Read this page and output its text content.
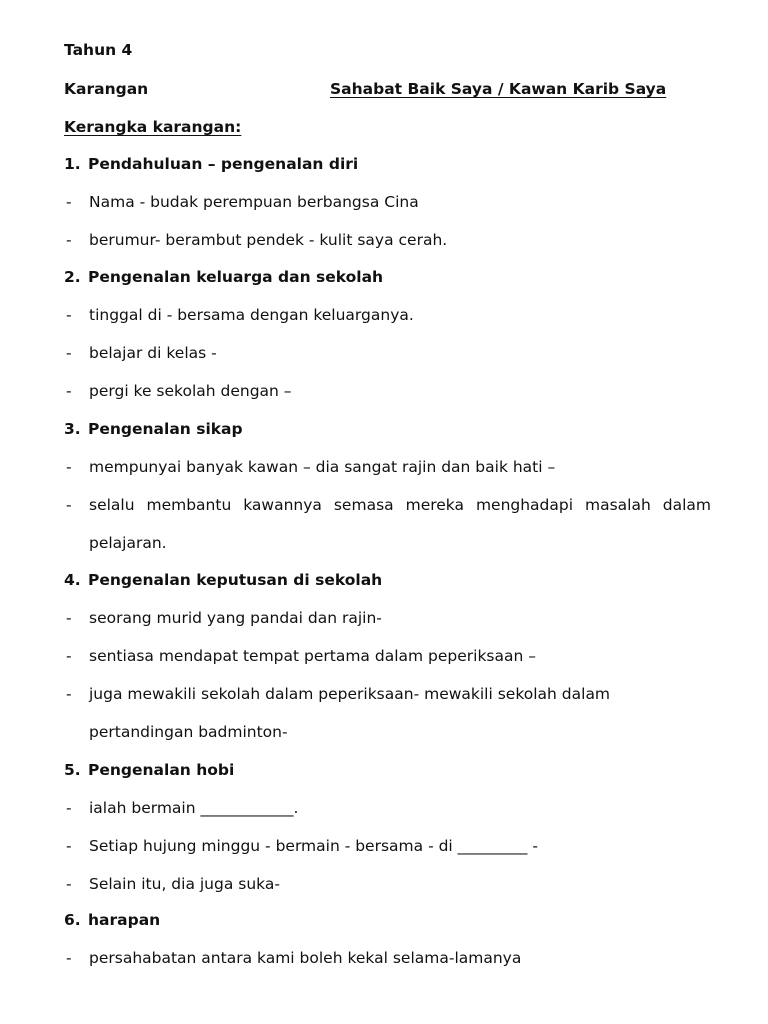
Tahun 4
Karangan	Sahabat Baik Saya / Kawan Karib Saya
Kerangka karangan:
1. Pendahuluan – pengenalan diri
- Nama - budak perempuan berbangsa Cina
- berumur- berambut pendek - kulit saya cerah.
2. Pengenalan keluarga dan sekolah
- tinggal di - bersama dengan keluarganya.
- belajar di kelas -
- pergi ke sekolah dengan –
3. Pengenalan sikap
- mempunyai banyak kawan – dia sangat rajin dan baik hati –
- selalu membantu kawannya semasa mereka menghadapi masalah dalam
pelajaran.
4. Pengenalan keputusan di sekolah
- seorang murid yang pandai dan rajin-
- sentiasa mendapat tempat pertama dalam peperiksaan –
- juga mewakili sekolah dalam peperiksaan- mewakili sekolah dalam
pertandingan badminton-
5. Pengenalan hobi
- ialah bermain ____________.
- Setiap hujung minggu - bermain - bersama - di _________ -
- Selain itu, dia juga suka-
6. harapan
- persahabatan antara kami boleh kekal selama-lamanya
